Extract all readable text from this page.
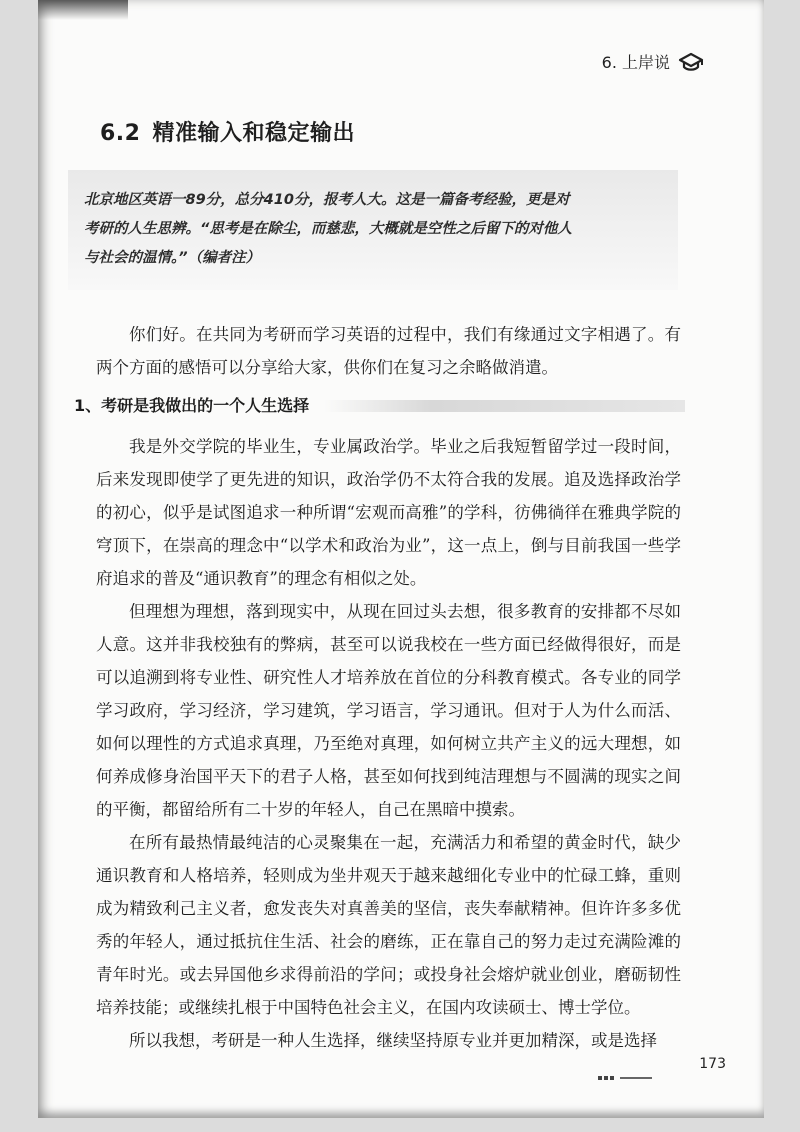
6. 上岸说
6.2 精准输入和稳定输出
北京地区英语一89分，总分410分，报考人大。这是一篇备考经验，更是对
考研的人生思辨。“思考是在除尘，而慈悲，大概就是空性之后留下的对他人
与社会的温情。”（编者注）

你们好。在共同为考研而学习英语的过程中，我们有缘通过文字相遇了。有两个方面的感悟可以分享给大家，供你们在复习之余略做消遣。

1、考研是我做出的一个人生选择

我是外交学院的毕业生，专业属政治学。毕业之后我短暂留学过一段时间，后来发现即使学了更先进的知识，政治学仍不太符合我的发展。追及选择政治学的初心，似乎是试图追求一种所谓“宏观而高雅”的学科，彷佛徜徉在雅典学院的穹顶下，在崇高的理念中“以学术和政治为业”，这一点上，倒与目前我国一些学府追求的普及“通识教育”的理念有相似之处。

但理想为理想，落到现实中，从现在回过头去想，很多教育的安排都不尽如人意。这并非我校独有的弊病，甚至可以说我校在一些方面已经做得很好，而是可以追溯到将专业性、研究性人才培养放在首位的分科教育模式。各专业的同学学习政府，学习经济，学习建筑，学习语言，学习通讯。但对于人为什么而活、如何以理性的方式追求真理，乃至绝对真理，如何树立共产主义的远大理想，如何养成修身治国平天下的君子人格，甚至如何找到纯洁理想与不圆满的现实之间的平衡，都留给所有二十岁的年轻人，自己在黑暗中摸索。

在所有最热情最纯洁的心灵聚集在一起，充满活力和希望的黄金时代，缺少通识教育和人格培养，轻则成为坐井观天于越来越细化专业中的忙碌工蜂，重则成为精致利己主义者，愈发丧失对真善美的坚信，丧失奉献精神。但许许多多优秀的年轻人，通过抵抗住生活、社会的磨练，正在靠自己的努力走过充满险滩的青年时光。或去异国他乡求得前沿的学问；或投身社会熔炉就业创业，磨砺韧性培养技能；或继续扎根于中国特色社会主义，在国内攻读硕士、博士学位。

所以我想，考研是一种人生选择，继续坚持原专业并更加精深，或是选择

173
